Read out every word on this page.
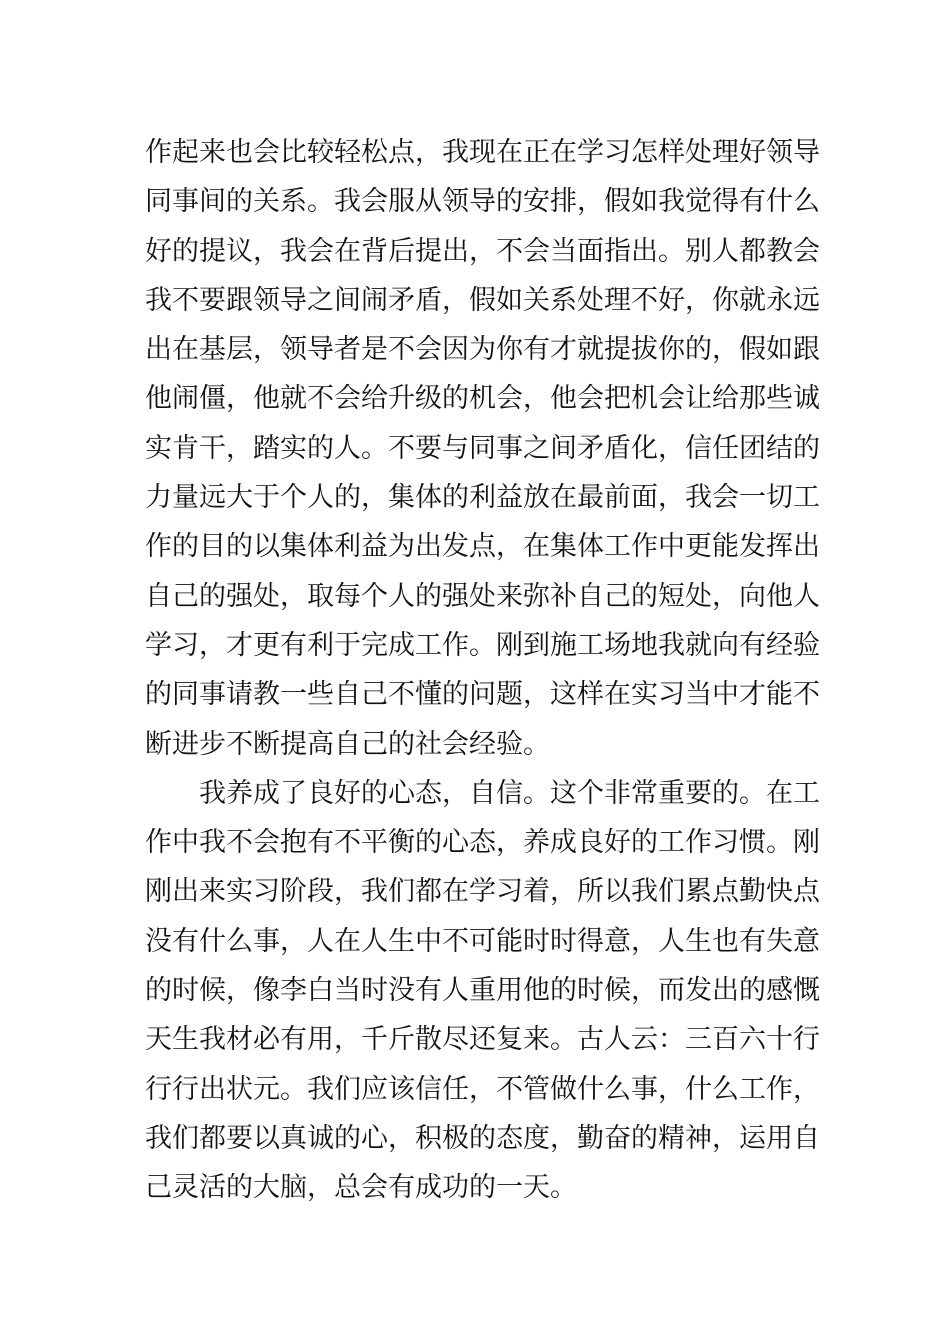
作起来也会比较轻松点，我现在正在学习怎样处理好领导
同事间的关系。我会服从领导的安排，假如我觉得有什么
好的提议，我会在背后提出，不会当面指出。别人都教会
我不要跟领导之间闹矛盾，假如关系处理不好，你就永远
出在基层，领导者是不会因为你有才就提拔你的，假如跟
他闹僵，他就不会给升级的机会，他会把机会让给那些诚
实肯干，踏实的人。不要与同事之间矛盾化，信任团结的
力量远大于个人的，集体的利益放在最前面，我会一切工
作的目的以集体利益为出发点，在集体工作中更能发挥出
自己的强处，取每个人的强处来弥补自己的短处，向他人
学习，才更有利于完成工作。刚到施工场地我就向有经验
的同事请教一些自己不懂的问题，这样在实习当中才能不
断进步不断提高自己的社会经验。
我养成了良好的心态，自信。这个非常重要的。在工
作中我不会抱有不平衡的心态，养成良好的工作习惯。刚
刚出来实习阶段，我们都在学习着，所以我们累点勤快点
没有什么事，人在人生中不可能时时得意，人生也有失意
的时候，像李白当时没有人重用他的时候，而发出的感慨
天生我材必有用，千斤散尽还复来。古人云：三百六十行
行行出状元。我们应该信任，不管做什么事，什么工作，
我们都要以真诚的心，积极的态度，勤奋的精神，运用自
己灵活的大脑，总会有成功的一天。
